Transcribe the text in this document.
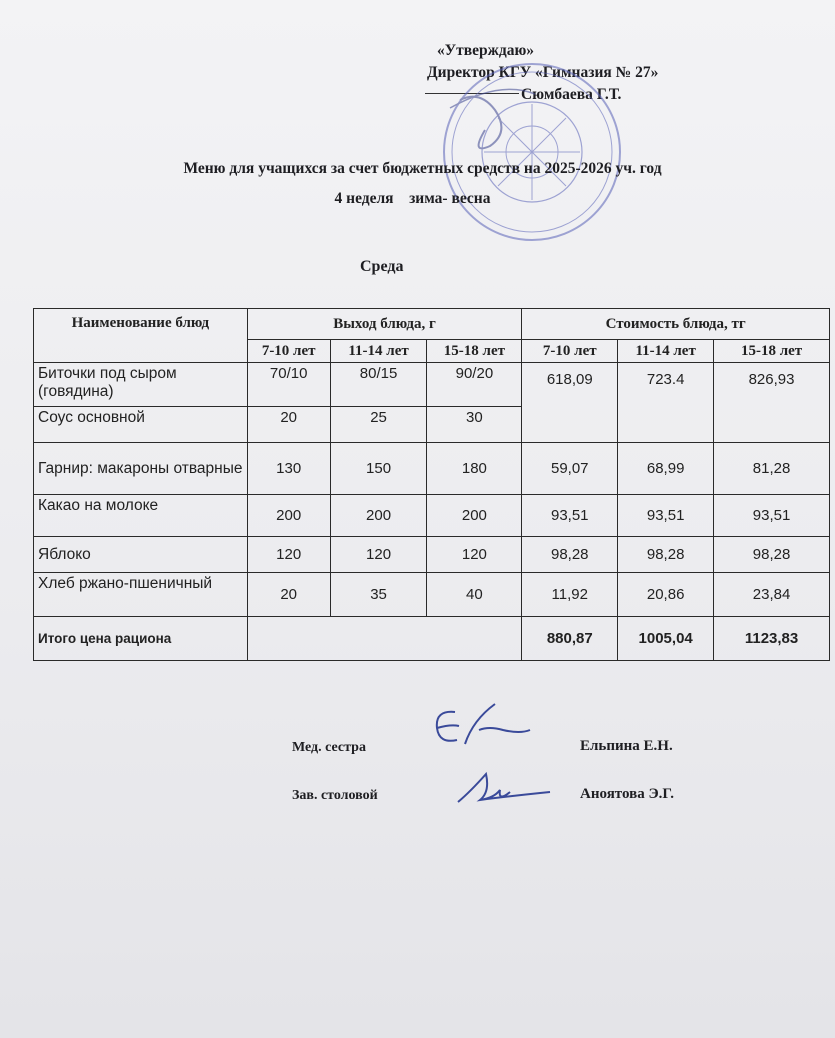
«Утверждаю»
Директор КГУ «Гимназия № 27»
Сюмбаева Г.Т.
Меню для учащихся за счет бюджетных средств на 2025-2026 уч. год
4 неделя    зима- весна
Среда
Наименование блюд	Выход блюда, г			Стоимость блюда, тг		
	7-10 лет	11-14 лет	15-18 лет	7-10 лет	11-14 лет	15-18 лет
Биточки под сыром (говядина)	70/10	80/15	90/20	618,09	723.4	826,93
Соус основной	20	25	30			
Гарнир: макароны отварные	130	150	180	59,07	68,99	81,28
Какао на молоке	200	200	200	93,51	93,51	93,51
Яблоко	120	120	120	98,28	98,28	98,28
Хлеб ржано-пшеничный	20	35	40	11,92	20,86	23,84
Итого цена рациона				880,87	1005,04	1123,83
Мед. сестра	Ельпина Е.Н.
Зав. столовой	Аноятова Э.Г.
